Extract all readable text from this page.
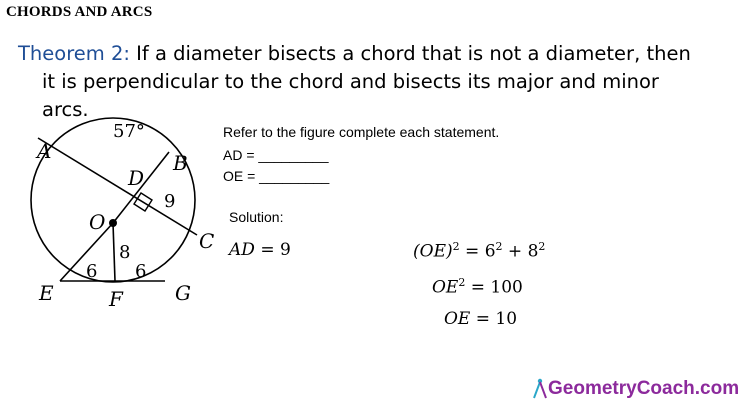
CHORDS AND ARCS
Theorem 2: If a diameter bisects a chord that is not a diameter, then
it is perpendicular to the chord and bisects its major and minor
arcs.
A	B
D
O
C
E	F	G
57°
9
8
6 6
Refer to the figure complete each statement.
AD = _________
OE = _________
Solution:
AD = 9	$(OE)^2 = 6^2 + 8^2$
$OE^2 = 100$
OE = 10
GeometryCoach.com
